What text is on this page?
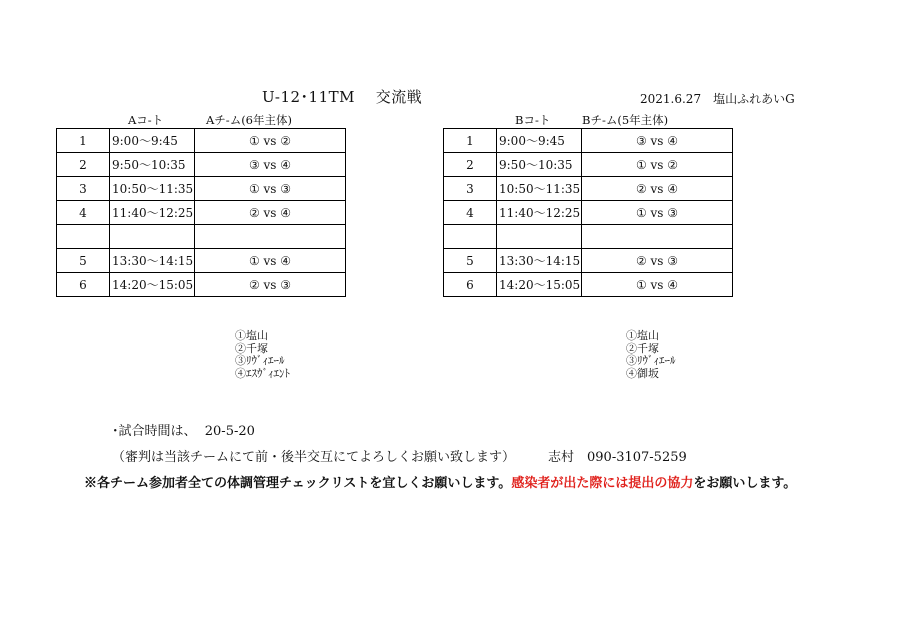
U-12･11TM　 交流戦	2021.6.27　塩山ふれあいG
Aコ-ト	Aチ-ム(6年主体)
1	9:00～9:45	① vs ②
2	9:50～10:35	③ vs ④
3	10:50～11:35	① vs ③
4	11:40～12:25	② vs ④

5	13:30～14:15	① vs ④
6	14:20～15:05	② vs ③
①塩山
②千塚
③ﾘｳﾞｨｴｰﾙ
④ｴｽｳﾞｨｴﾝﾄ
Bコ-ト	Bチ-ム(5年主体)
1	9:00～9:45	③ vs ④
2	9:50～10:35	① vs ②
3	10:50～11:35	② vs ④
4	11:40～12:25	① vs ③

5	13:30～14:15	② vs ③
6	14:20～15:05	① vs ④
①塩山
②千塚
③ﾘｳﾞｨｴｰﾙ
④御坂
･試合時間は、  20-5-20
（審判は当該チームにて前・後半交互にてよろしくお願い致します）	志村　090-3107-5259
※各チーム参加者全ての体調管理チェックリストを宜しくお願いします。感染者が出た際には提出の協力をお願いします。
